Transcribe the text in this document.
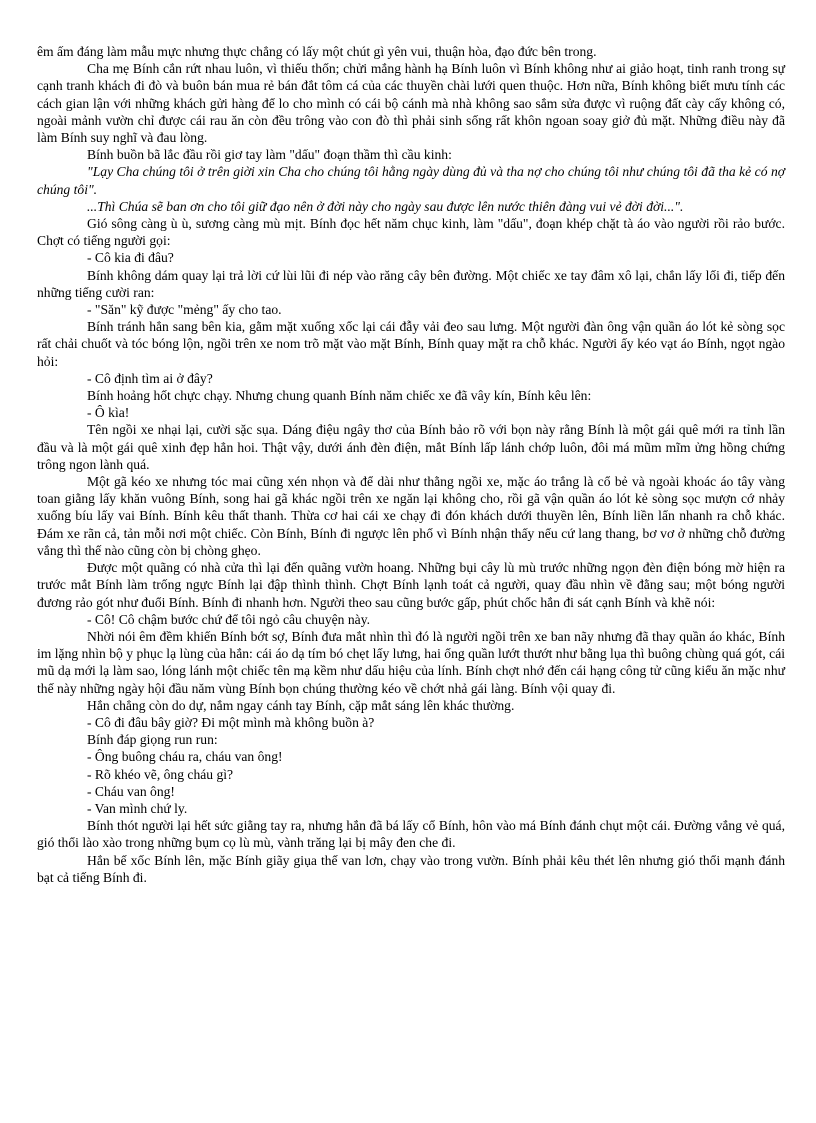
êm ấm đáng làm mẫu mực nhưng thực chẳng có lấy một chút gì yên vui, thuận hòa, đạo đức bên trong.

Cha mẹ Bính cắn rứt nhau luôn, vì thiếu thốn; chửi mắng hành hạ Bính luôn vì Bính không như ai giảo hoạt, tinh ranh trong sự cạnh tranh khách đi đò và buôn bán mua rẻ bán đắt tôm cá của các thuyền chài lưới quen thuộc. Hơn nữa, Bính không biết mưu tính các cách gian lận với những khách gửi hàng để lo cho mình có cái bộ cánh mà nhà không sao sắm sửa được vì ruộng đất cày cấy không có, ngoài mảnh vườn chỉ được cái rau ăn còn đều trông vào con đò thì phải sinh sống rất khôn ngoan soay giở đủ mặt. Những điều này đã làm Bính suy nghĩ và đau lòng.

Bính buồn bã lắc đầu rồi giơ tay làm "dấu" đoạn thầm thì cầu kinh:

"Lạy Cha chúng tôi ở trên giời xin Cha cho chúng tôi hằng ngày dùng đủ và tha nợ cho chúng tôi như chúng tôi đã tha kẻ có nợ chúng tôi".

...Thì Chúa sẽ ban ơn cho tôi giữ đạo nên ở đời này cho ngày sau được lên nước thiên đàng vui vẻ đời đời...".

Gió sông càng ù ù, sương càng mù mịt. Bính đọc hết năm chục kinh, làm "dấu", đoạn khép chặt tà áo vào người rồi rảo bước. Chợt có tiếng người gọi:

- Cô kia đi đâu?

Bính không dám quay lại trả lời cứ lùi lũi đi nép vào răng cây bên đường. Một chiếc xe tay đâm xô lại, chắn lấy lối đi, tiếp đến những tiếng cười ran:

- "Săn" kỹ được "mẻng" ấy cho tao.

Bính tránh hẳn sang bên kia, gằm mặt xuống xốc lại cái đẫy vải đeo sau lưng. Một người đàn ông vận quần áo lót kẻ sòng sọc rất chải chuốt và tóc bóng lộn, ngồi trên xe nom trõ mặt vào mặt Bính, Bính quay mặt ra chỗ khác. Người ấy kéo vạt áo Bính, ngọt ngào hỏi:

- Cô định tìm ai ở đây?

Bính hoảng hốt chực chạy. Nhưng chung quanh Bính năm chiếc xe đã vây kín, Bính kêu lên:

- Ô kìa!

Tên ngồi xe nhại lại, cười sặc sụa. Dáng điệu ngây thơ của Bính bảo rõ với bọn này rằng Bính là một gái quê mới ra tỉnh lần đầu và là một gái quê xinh đẹp hẳn hoi. Thật vậy, dưới ánh đèn điện, mắt Bính lấp lánh chớp luôn, đôi má mũm mĩm ửng hồng chứng trông ngon lành quá.

Một gã kéo xe nhưng tóc mai cũng xén nhọn và để dài như thằng ngồi xe, mặc áo trắng là cổ bẻ và ngoài khoác áo tây vàng toan giằng lấy khăn vuông Bính, song hai gã khác ngồi trên xe ngăn lại không cho, rồi gã vận quần áo lót kẻ sòng sọc mượn cớ nhảy xuống bíu lấy vai Bính. Bính kêu thất thanh. Thừa cơ hai cái xe chạy đi đón khách dưới thuyền lên, Bính liền lẩn nhanh ra chỗ khác. Đám xe rãn cả, tản mỗi nơi một chiếc. Còn Bính, Bính đi ngược lên phố vì Bính nhận thấy nếu cứ lang thang, bơ vơ ở những chỗ đường vắng thì thế nào cũng còn bị chòng ghẹo.

Được một quãng có nhà cửa thì lại đến quãng vườn hoang. Những bụi cây lù mù trước những ngọn đèn điện bóng mờ hiện ra trước mắt Bính làm trống ngực Bính lại đập thình thình. Chợt Bính lạnh toát cả người, quay đầu nhìn về đằng sau; một bóng người đương rảo gót như đuổi Bính. Bính đi nhanh hơn. Người theo sau cũng bước gấp, phút chốc hắn đi sát cạnh Bính và khẽ nói:

- Cô! Cô chậm bước chứ để tôi ngỏ câu chuyện này.

Nhời nói êm đềm khiến Bính bớt sợ, Bính đưa mắt nhìn thì đó là người ngồi trên xe ban nãy nhưng đã thay quần áo khác, Bính im lặng nhìn bộ y phục lạ lùng của hắn: cái áo dạ tím bó chẹt lấy lưng, hai ống quần lướt thướt như bằng lụa thì buông chùng quá gót, cái mũ dạ mới lạ làm sao, lóng lánh một chiếc tên mạ kềm như dấu hiệu của lính. Bính chợt nhớ đến cái hạng công tử cũng kiểu ăn mặc như thế này những ngày hội đầu năm vùng Bính bọn chúng thường kéo về chớt nhả gái làng. Bính vội quay đi.

Hắn chẳng còn do dự, nắm ngay cánh tay Bính, cặp mắt sáng lên khác thường.

- Cô đi đâu bây giờ? Đi một mình mà không buồn à?

Bính đáp giọng run run:

- Ông buông cháu ra, cháu van ông!

- Rõ khéo vẽ, ông cháu gì?

- Cháu van ông!

- Van mình chứ ly.

Bính thót người lại hết sức giằng tay ra, nhưng hắn đã bá lấy cổ Bính, hôn vào má Bính đánh chụt một cái. Đường vắng vẻ quá, gió thổi lào xào trong những bụm cọ lù mù, vành trăng lại bị mây đen che đi.

Hắn bế xốc Bính lên, mặc Bính giãy giụa thế van lơn, chạy vào trong vườn. Bính phải kêu thét lên nhưng gió thổi mạnh đánh bạt cả tiếng Bính đi.
